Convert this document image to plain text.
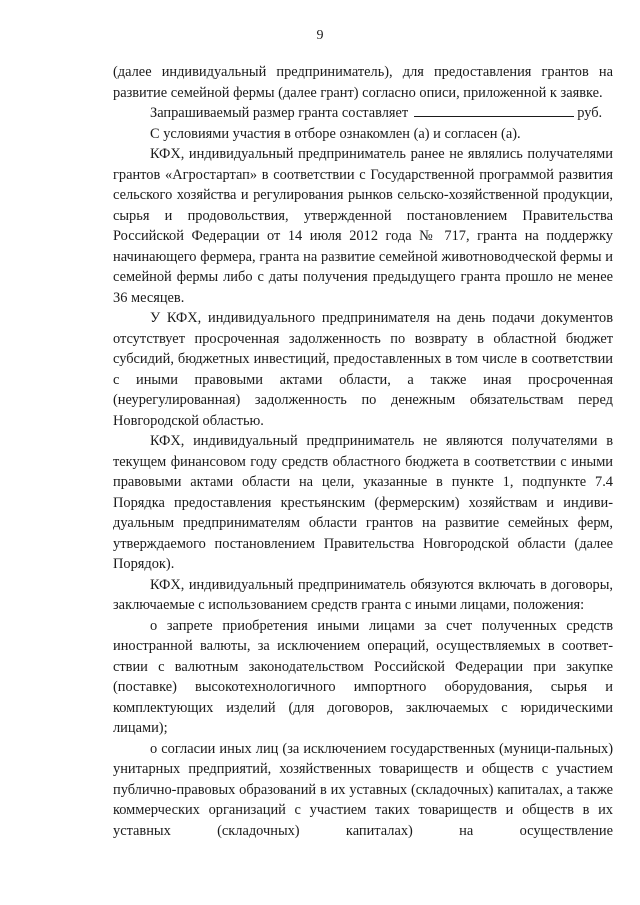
9

(далее индивидуальный предприниматель), для предоставления грантов на развитие семейной фермы (далее грант) согласно описи, приложенной к заявке.

Запрашиваемый размер гранта составляет	руб.

С условиями участия в отборе ознакомлен (а) и согласен (а).

КФХ, индивидуальный предприниматель ранее не являлись получателями грантов «Агростартап» в соответствии с Государственной программой развития сельского хозяйства и регулирования рынков сельско-хозяйственной продукции, сырья и продовольствия, утвержденной постановлением Правительства Российской Федерации от 14 июля 2012 года № 717, гранта на поддержку начинающего фермера, гранта на развитие семейной животноводческой фермы и семейной фермы либо с даты получения предыдущего гранта прошло не менее 36 месяцев.

У КФХ, индивидуального предпринимателя на день подачи документов отсутствует просроченная задолженность по возврату в областной бюджет субсидий, бюджетных инвестиций, предоставленных в том числе в соответствии с иными правовыми актами области, а также иная просроченная (неурегулированная) задолженность по денежным обязательствам перед Новгородской областью.

КФХ, индивидуальный предприниматель не являются получателями в текущем финансовом году средств областного бюджета в соответствии с иными правовыми актами области на цели, указанные в пункте 1, подпункте 7.4 Порядка предоставления крестьянским (фермерским) хозяйствам и индиви-дуальным предпринимателям области грантов на развитие семейных ферм, утверждаемого постановлением Правительства Новгородской области (далее Порядок).

КФХ, индивидуальный предприниматель обязуются включать в договоры, заключаемые с использованием средств гранта с иными лицами, положения:

о запрете приобретения иными лицами за счет полученных средств иностранной валюты, за исключением операций, осуществляемых в соответ-ствии с валютным законодательством Российской Федерации при закупке (поставке) высокотехнологичного импортного оборудования, сырья и комплектующих изделий (для договоров, заключаемых с юридическими лицами);

о согласии иных лиц (за исключением государственных (муници-пальных) унитарных предприятий, хозяйственных товариществ и обществ с участием публично-правовых образований в их уставных (складочных) капиталах, а также коммерческих организаций с участием таких товариществ и обществ в их уставных (складочных) капиталах) на осуществление
